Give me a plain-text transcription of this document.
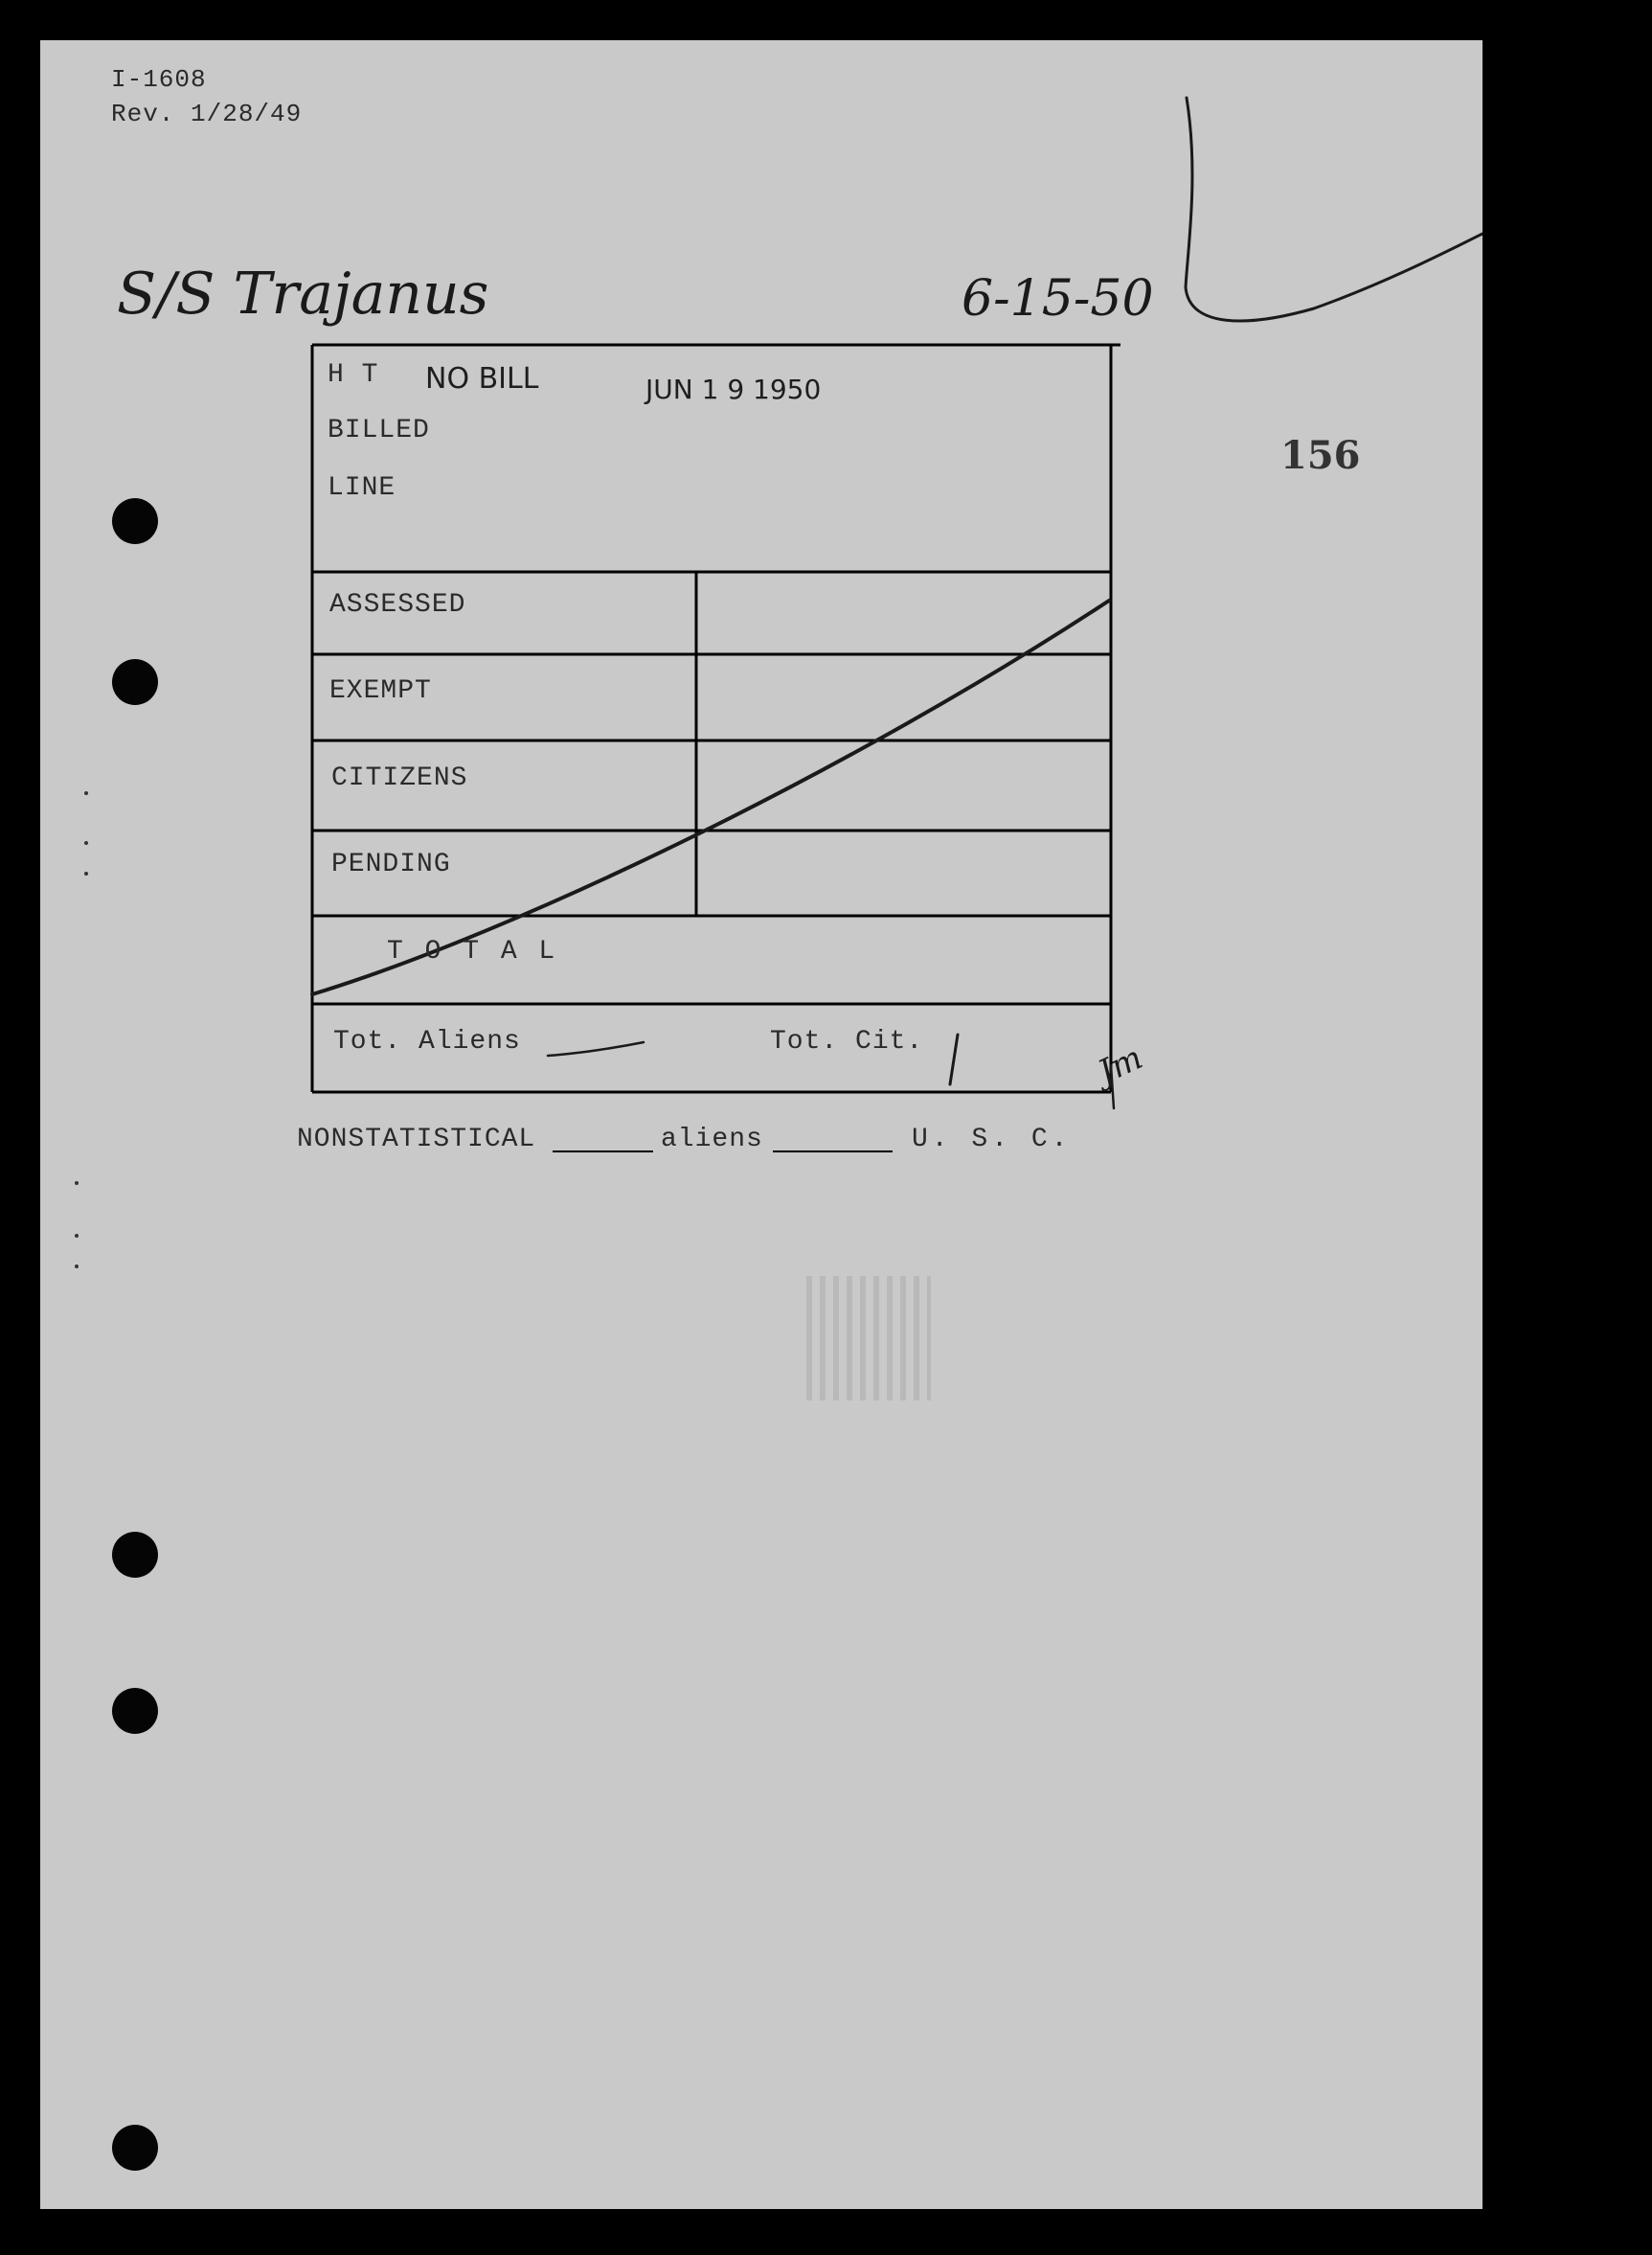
I-1608
Rev. 1/28/49
S/S Trajanus	6-15-50
156
H T NO BILL	JUN 1 9 1950
BILLED
LINE
ASSESSED
EXEMPT
CITIZENS
PENDING
T O T A L
Tot. Aliens	Tot. Cit.	Jm
NONSTATISTICAL	aliens	U. S. C.
